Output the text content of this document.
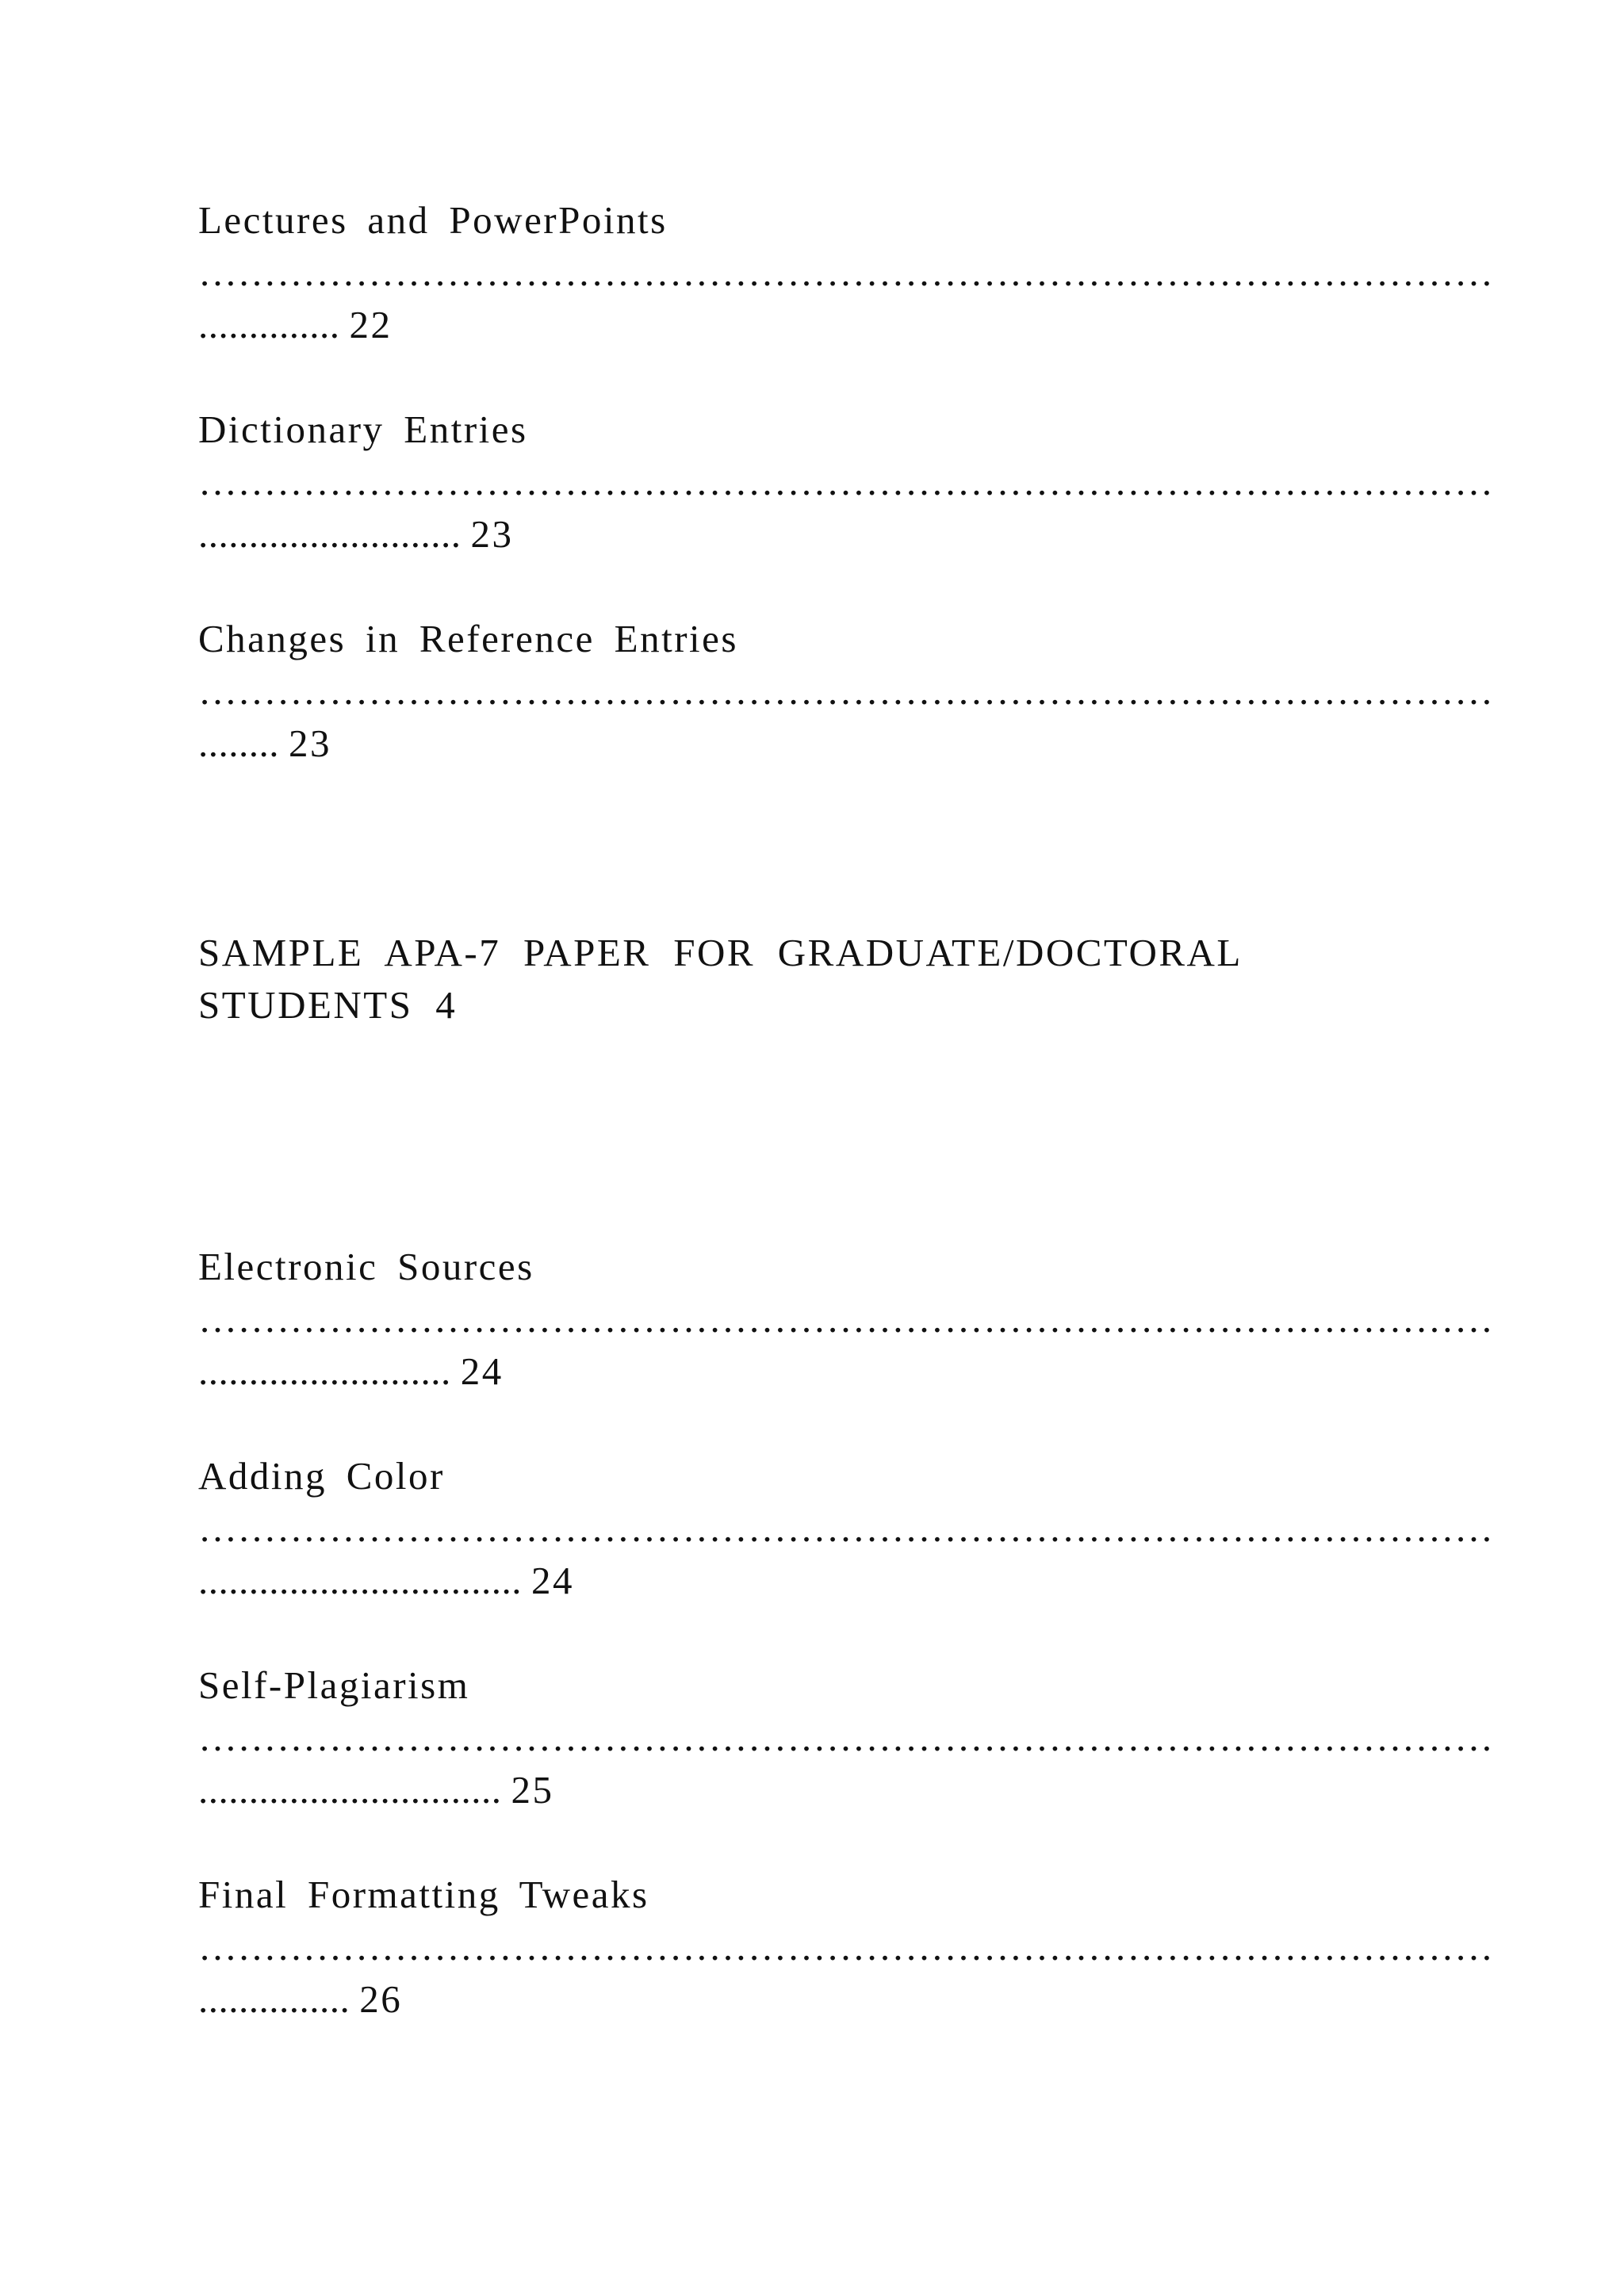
Lectures and PowerPoints
………………………………………………………………………………………
.............. 22
Dictionary Entries
………………………………………………………………………………………
.......................... 23
Changes in Reference Entries
………………………………………………………………………………………
........ 23
SAMPLE APA-7 PAPER FOR GRADUATE/DOCTORAL
STUDENTS 4
Electronic Sources
………………………………………………………………………………………
......................... 24
Adding Color
………………………………………………………………………………………
................................ 24
Self-Plagiarism
………………………………………………………………………………………
.............................. 25
Final Formatting Tweaks
………………………………………………………………………………………
............... 26
